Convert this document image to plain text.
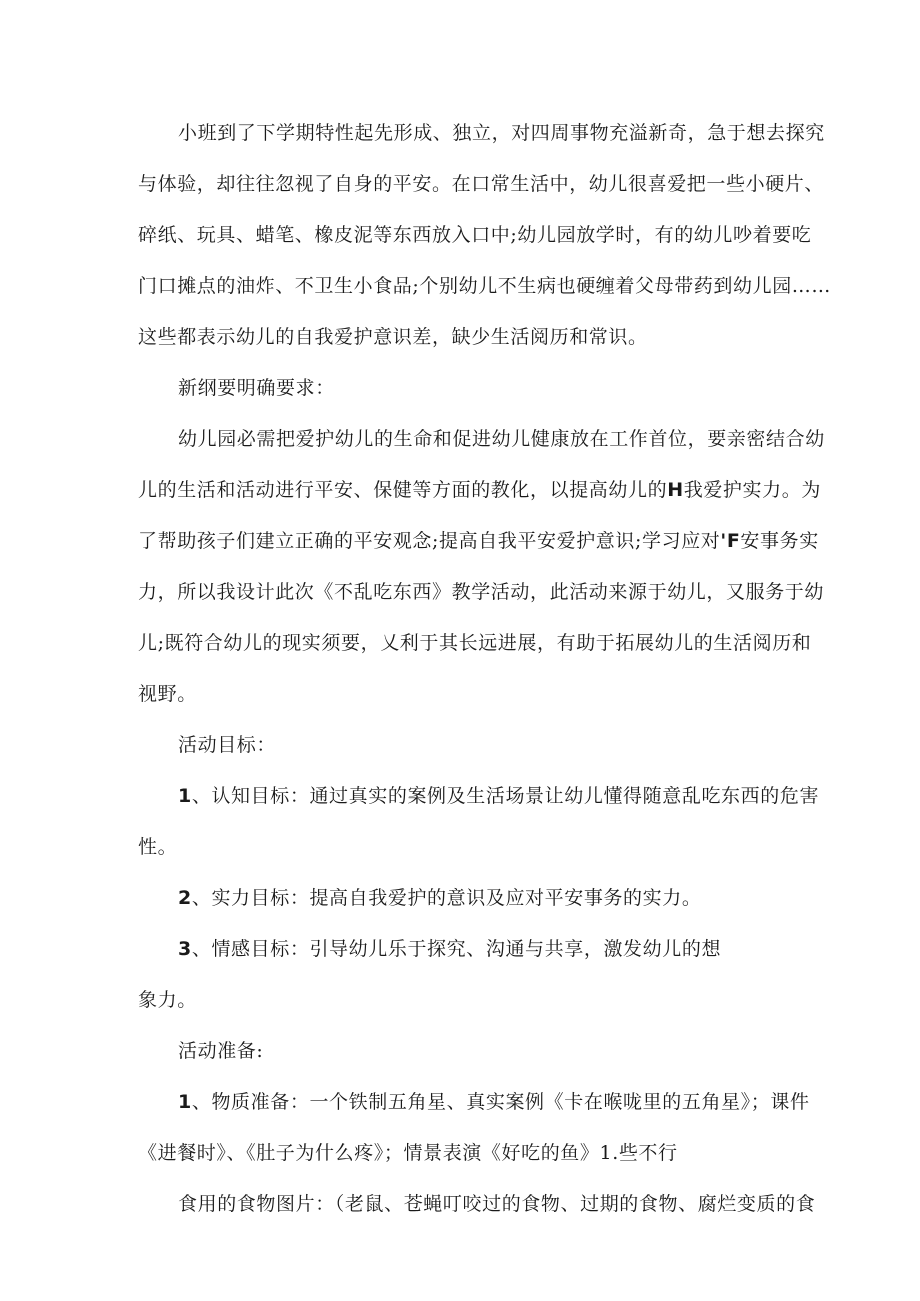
小班到了下学期特性起先形成、独立，对四周事物充溢新奇，急于想去探究
与体验，却往往忽视了自身的平安。在口常生活中，幼儿很喜爱把一些小硬片、
碎纸、玩具、蜡笔、橡皮泥等东西放入口中;幼儿园放学时，有的幼儿吵着要吃
门口摊点的油炸、不卫生小食品;个别幼儿不生病也硬缠着父母带药到幼儿园……
这些都表示幼儿的自我爱护意识差，缺少生活阅历和常识。
新纲要明确要求：
幼儿园必需把爱护幼儿的生命和促进幼儿健康放在工作首位，要亲密结合幼
儿的生活和活动进行平安、保健等方面的教化，以提高幼儿的H我爱护实力。为
了帮助孩子们建立正确的平安观念;提高自我平安爱护意识;学习应对'F安事务实
力，所以我设计此次《不乱吃东西》教学活动，此活动来源于幼儿，又服务于幼
儿;既符合幼儿的现实须要，乂利于其长远进展，有助于拓展幼儿的生活阅历和
视野。
活动目标：
1、认知目标：通过真实的案例及生活场景让幼儿懂得随意乱吃东西的危害
性。
2、实力目标：提高自我爱护的意识及应对平安事务的实力。
3、情感目标：引导幼儿乐于探究、沟通与共享，激发幼儿的想
象力。
活动准备:
1、物质准备：一个铁制五角星、真实案例《卡在喉咙里的五角星》；课件
《进餐时》、《肚子为什么疼》；情景表演《好吃的鱼》1.些不行
食用的食物图片：（老鼠、苍蝇叮咬过的食物、过期的食物、腐烂变质的食
